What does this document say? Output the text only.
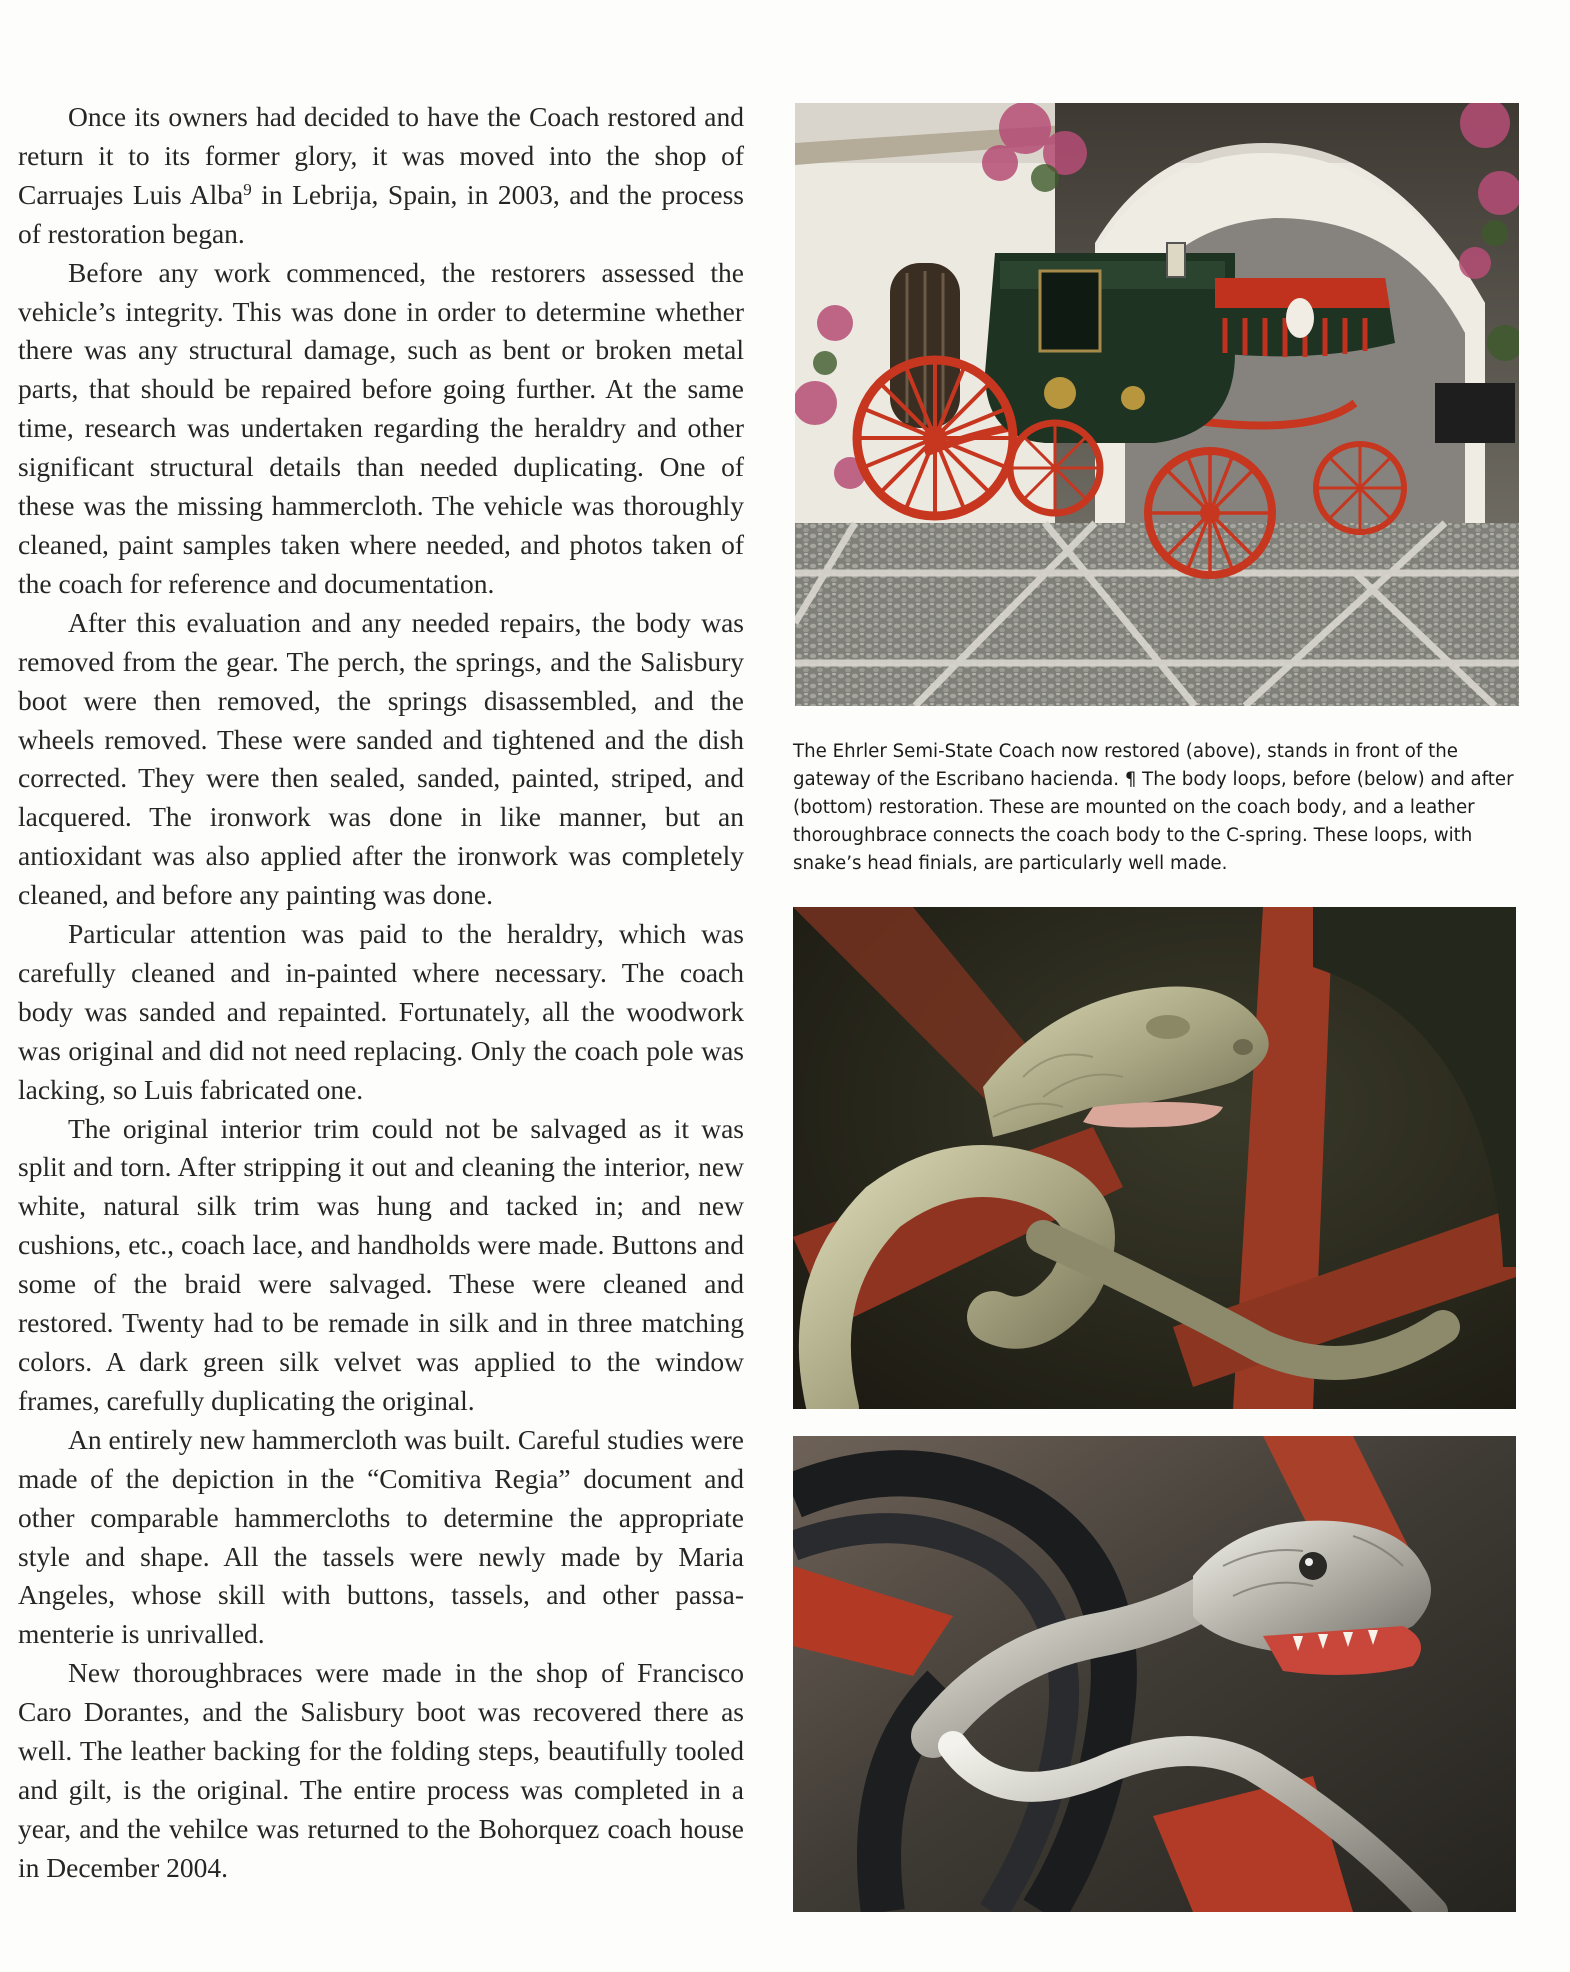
Once its owners had decided to have the Coach restored and return it to its former glory, it was moved into the shop of Carruajes Luis Alba$^9$ in Lebrija, Spain, in 2003, and the process of restoration began.

Before any work commenced, the restorers assessed the vehicle’s integrity. This was done in order to determine whether there was any structural damage, such as bent or broken metal parts, that should be repaired before going further. At the same time, research was undertaken regarding the heraldry and other significant structural details than needed duplicating. One of these was the missing hammercloth. The vehicle was thoroughly cleaned, paint samples taken where needed, and photos taken of the coach for reference and documentation.

After this evaluation and any needed repairs, the body was removed from the gear. The perch, the springs, and the Salisbury boot were then removed, the springs disassembled, and the wheels removed. These were sanded and tightened and the dish corrected. They were then sealed, sanded, painted, striped, and lacquered. The ironwork was done in like manner, but an antioxidant was also applied after the ironwork was completely cleaned, and before any painting was done.

Particular attention was paid to the heraldry, which was carefully cleaned and in-painted where necessary. The coach body was sanded and repainted. Fortunately, all the woodwork was original and did not need replacing. Only the coach pole was lacking, so Luis fabricated one.

The original interior trim could not be salvaged as it was split and torn. After stripping it out and cleaning the interior, new white, natural silk trim was hung and tacked in; and new cushions, etc., coach lace, and handholds were made. Buttons and some of the braid were salvaged. These were cleaned and restored. Twenty had to be remade in silk and in three matching colors. A dark green silk velvet was applied to the window frames, carefully duplicating the original.

An entirely new hammercloth was built. Careful studies were made of the depiction in the “Comitiva Regia” document and other comparable hammercloths to determine the appropriate style and shape. All the tassels were newly made by Maria Angeles, whose skill with buttons, tassels, and other passamenterie is unrivalled.

New thoroughbraces were made in the shop of Francisco Caro Dorantes, and the Salisbury boot was recovered there as well. The leather backing for the folding steps, beautifully tooled and gilt, is the original. The entire process was completed in a year, and the vehilce was returned to the Bohorquez coach house in December 2004.

The Ehrler Semi-State Coach now restored (above), stands in front of the gateway of the Escribano hacienda. ¶ The body loops, before (below) and after (bottom) restoration. These are mounted on the coach body, and a leather thoroughbrace connects the coach body to the C-spring. These loops, with snake’s head finials, are particularly well made.
